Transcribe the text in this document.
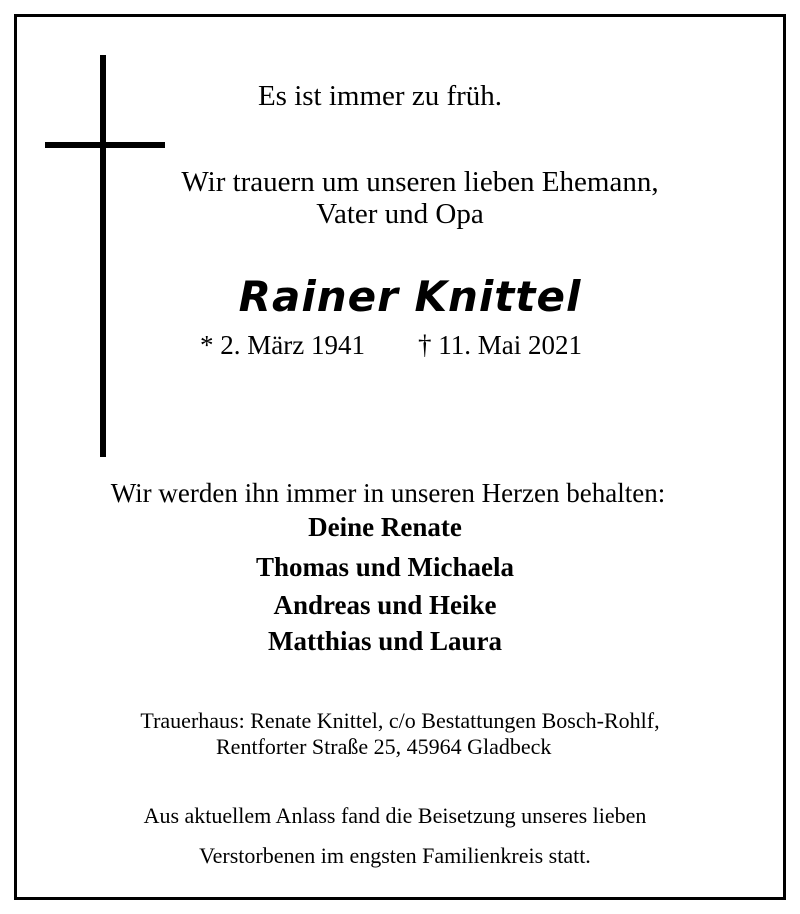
Es ist immer zu früh.
Wir trauern um unseren lieben Ehemann,
Vater und Opa
Rainer Knittel
* 2. März 1941 † 11. Mai 2021
Wir werden ihn immer in unseren Herzen behalten:
Deine Renate
Thomas und Michaela
Andreas und Heike
Matthias und Laura
Trauerhaus: Renate Knittel, c/o Bestattungen Bosch-Rohlf,
Rentforter Straße 25, 45964 Gladbeck
Aus aktuellem Anlass fand die Beisetzung unseres lieben
Verstorbenen im engsten Familienkreis statt.
